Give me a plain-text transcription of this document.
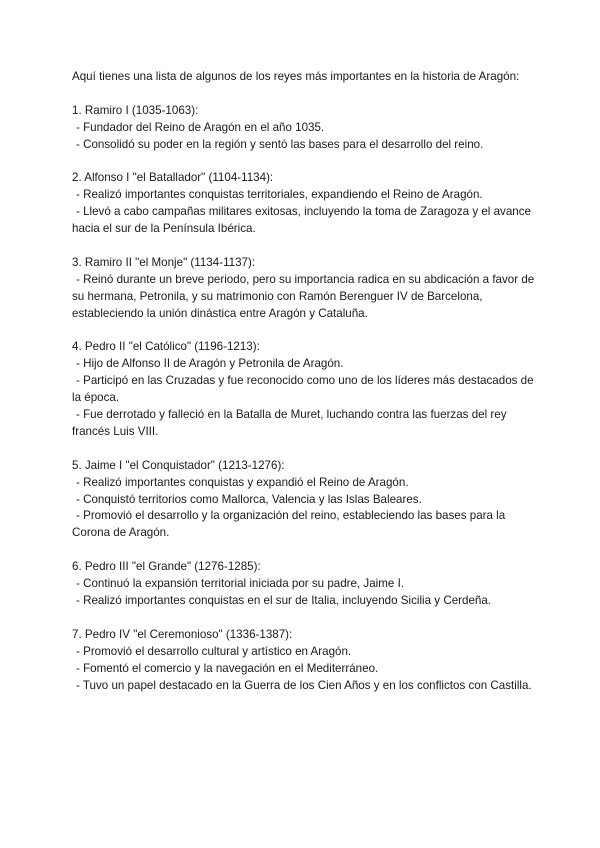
Aquí tienes una lista de algunos de los reyes más importantes en la historia de Aragón:

1. Ramiro I (1035-1063):

- Fundador del Reino de Aragón en el año 1035.

- Consolidó su poder en la región y sentó las bases para el desarrollo del reino.

2. Alfonso I "el Batallador" (1104-1134):

- Realizó importantes conquistas territoriales, expandiendo el Reino de Aragón.

- Llevó a cabo campañas militares exitosas, incluyendo la toma de Zaragoza y el avance hacia el sur de la Península Ibérica.

3. Ramiro II "el Monje" (1134-1137):

- Reinó durante un breve periodo, pero su importancia radica en su abdicación a favor de su hermana, Petronila, y su matrimonio con Ramón Berenguer IV de Barcelona, estableciendo la unión dinástica entre Aragón y Cataluña.

4. Pedro II "el Católico" (1196-1213):

- Hijo de Alfonso II de Aragón y Petronila de Aragón.

- Participó en las Cruzadas y fue reconocido como uno de los líderes más destacados de la época.

- Fue derrotado y falleció en la Batalla de Muret, luchando contra las fuerzas del rey francés Luis VIII.

5. Jaime I "el Conquistador" (1213-1276):

- Realizó importantes conquistas y expandió el Reino de Aragón.

- Conquistó territorios como Mallorca, Valencia y las Islas Baleares.

- Promovió el desarrollo y la organización del reino, estableciendo las bases para la Corona de Aragón.

6. Pedro III "el Grande" (1276-1285):

- Continuó la expansión territorial iniciada por su padre, Jaime I.

- Realizó importantes conquistas en el sur de Italia, incluyendo Sicilia y Cerdeña.

7. Pedro IV "el Ceremonioso" (1336-1387):

- Promovió el desarrollo cultural y artístico en Aragón.

- Fomentó el comercio y la navegación en el Mediterráneo.

- Tuvo un papel destacado en la Guerra de los Cien Años y en los conflictos con Castilla.
